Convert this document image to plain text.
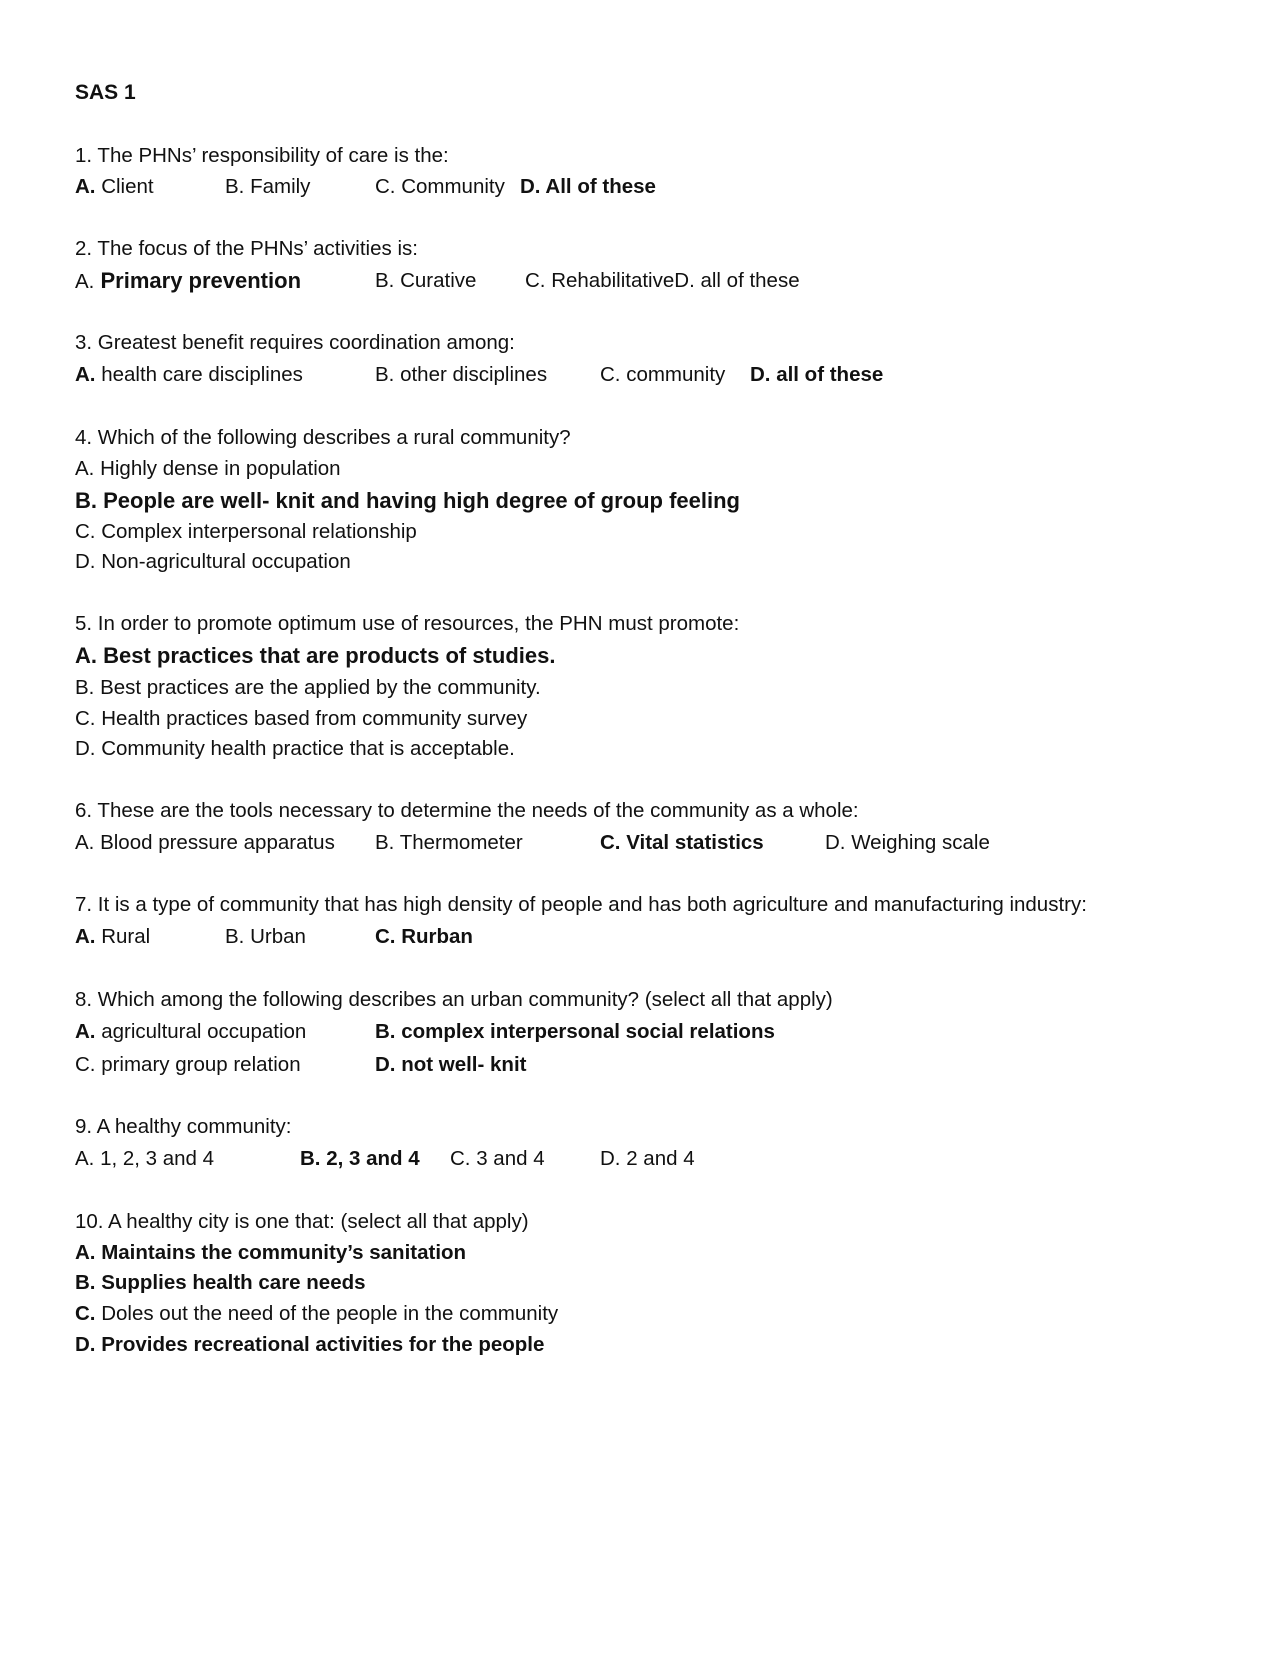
SAS 1
1. The PHNs’ responsibility of care is the:
A. Client	B. Family	C. Community D. All of these
2. The focus of the PHNs’ activities is:
A. Primary prevention	B. Curative C. RehabilitativeD. all of these
3. Greatest benefit requires coordination among:
A. health care disciplines	B. other disciplines	C. community D. all of these
4. Which of the following describes a rural community?
A. Highly dense in population
B. People are well- knit and having high degree of group feeling
C. Complex interpersonal relationship
D. Non-agricultural occupation
5. In order to promote optimum use of resources, the PHN must promote:
A. Best practices that are products of studies.
B. Best practices are the applied by the community.
C. Health practices based from community survey
D. Community health practice that is acceptable.
6. These are the tools necessary to determine the needs of the community as a whole:
A. Blood pressure apparatus B. Thermometer	C. Vital statistics	D. Weighing scale
7. It is a type of community that has high density of people and has both agriculture and manufacturing industry:
A. Rural	B. Urban	C. Rurban
8. Which among the following describes an urban community? (select all that apply)
A. agricultural occupation	B. complex interpersonal social relations
C. primary group relation	D. not well- knit
9. A healthy community:
A. 1, 2, 3 and 4	B. 2, 3 and 4 C. 3 and 4	D. 2 and 4
10. A healthy city is one that: (select all that apply)
A. Maintains the community’s sanitation
B. Supplies health care needs
C. Doles out the need of the people in the community
D. Provides recreational activities for the people
